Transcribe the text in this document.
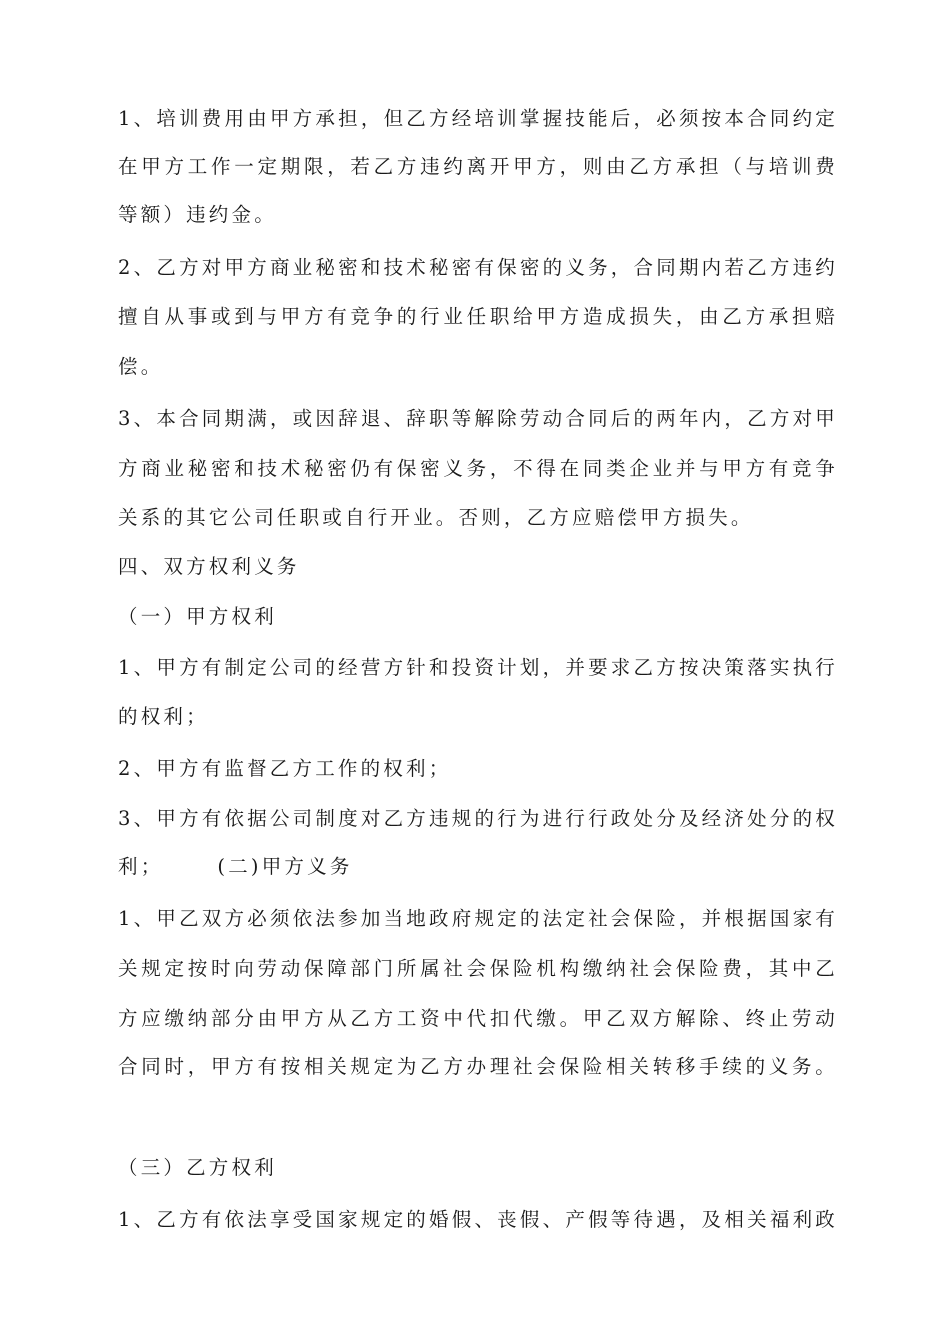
1、培训费用由甲方承担，但乙方经培训掌握技能后，必须按本合同约定
在甲方工作一定期限，若乙方违约离开甲方，则由乙方承担（与培训费
等额）违约金。
2、乙方对甲方商业秘密和技术秘密有保密的义务，合同期内若乙方违约
擅自从事或到与甲方有竞争的行业任职给甲方造成损失，由乙方承担赔
偿。
3、本合同期满，或因辞退、辞职等解除劳动合同后的两年内，乙方对甲
方商业秘密和技术秘密仍有保密义务，不得在同类企业并与甲方有竞争
关系的其它公司任职或自行开业。否则，乙方应赔偿甲方损失。
四、双方权利义务
（一）甲方权利
1、甲方有制定公司的经营方针和投资计划，并要求乙方按决策落实执行
的权利；
2、甲方有监督乙方工作的权利；
3、甲方有依据公司制度对乙方违规的行为进行行政处分及经济处分的权
利；	(二)甲方义务
1、甲乙双方必须依法参加当地政府规定的法定社会保险，并根据国家有
关规定按时向劳动保障部门所属社会保险机构缴纳社会保险费，其中乙
方应缴纳部分由甲方从乙方工资中代扣代缴。甲乙双方解除、终止劳动
合同时，甲方有按相关规定为乙方办理社会保险相关转移手续的义务。
（三）乙方权利
1、乙方有依法享受国家规定的婚假、丧假、产假等待遇，及相关福利政
